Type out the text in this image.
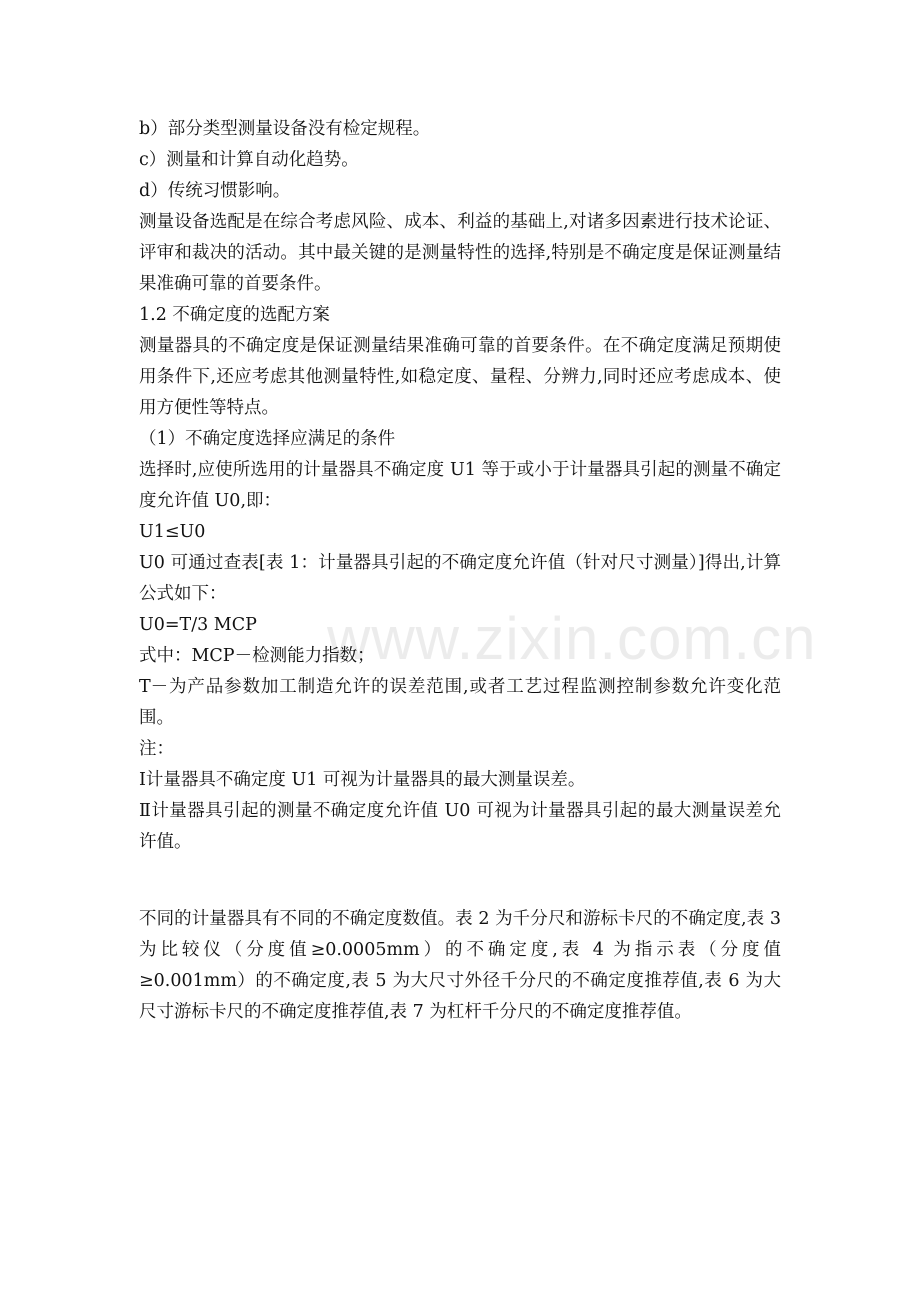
www.zixin.com.cn
b）部分类型测量设备没有检定规程。
c）测量和计算自动化趋势。
d）传统习惯影响。
测量设备选配是在综合考虑风险、成本、利益的基础上,对诸多因素进行技术论证、评审和裁决的活动。其中最关键的是测量特性的选择,特别是不确定度是保证测量结果准确可靠的首要条件。
1.2 不确定度的选配方案
测量器具的不确定度是保证测量结果准确可靠的首要条件。在不确定度满足预期使用条件下,还应考虑其他测量特性,如稳定度、量程、分辨力,同时还应考虑成本、使用方便性等特点。
（1）不确定度选择应满足的条件
选择时,应使所选用的计量器具不确定度 U1 等于或小于计量器具引起的测量不确定度允许值 U0,即：
U1≤U0
U0 可通过查表[表 1：计量器具引起的不确定度允许值（针对尺寸测量）]得出,计算公式如下：
U0=T/3 MCP
式中：MCP－检测能力指数；
T－为产品参数加工制造允许的误差范围,或者工艺过程监测控制参数允许变化范围。
注：
Ⅰ计量器具不确定度 U1 可视为计量器具的最大测量误差。
Ⅱ计量器具引起的测量不确定度允许值 U0 可视为计量器具引起的最大测量误差允许值。
不同的计量器具有不同的不确定度数值。表 2 为千分尺和游标卡尺的不确定度,表 3 为比较仪（分度值≥0.0005mm）的不确定度,表 4 为指示表（分度值≥0.001mm）的不确定度,表 5 为大尺寸外径千分尺的不确定度推荐值,表 6 为大尺寸游标卡尺的不确定度推荐值,表 7 为杠杆千分尺的不确定度推荐值。
